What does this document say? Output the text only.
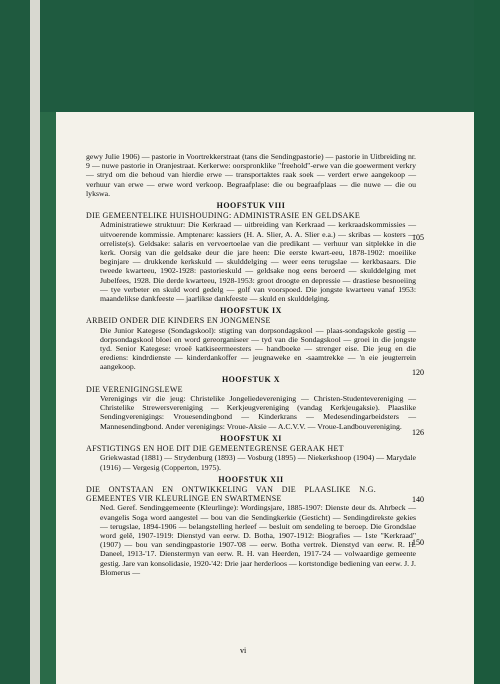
gewy Julie 1906) — pastorie in Voortrekkerstraat (tans die Sendingpastorie) — pastorie in Uitbreiding nr. 9 — nuwe pastorie in Oranjestraat. Kerkerwe: oorspronklike "freehold"-erwe van die goewerment verkry — stryd om die behoud van hierdie erwe — transportaktes raak soek — verdert erwe aangekoop — verhuur van erwe — erwe word verkoop. Begraafplase: die ou begraafplaas — die nuwe — die ou lykswa.

HOOFSTUK VIII
DIE GEMEENTELIKE HUISHOUDING: ADMINISTRASIE EN GELDSAKE

Administratiewe struktuur: Die Kerkraad — uitbreiding van Kerkraad — kerkraadskommissies — uitvoerende kommissie. Amptenare: kassiers (H. A. Slier, A. A. Slier e.a.) — skribas — kosters — orreliste(s). Geldsake: salaris en vervoertoelae van die predikant — verhuur van sitplekke in die kerk. Oorsig van die geldsake deur die jare heen: Die eerste kwart-eeu, 1878-1902: moeilike beginjare — drukkende kerkskuld — skulddelging — weer eens terugslae — kerkbasaars. Die tweede kwarteeu, 1902-1928: pastorieskuld — geldsake nog eens beroerd — skulddelging met Jubelfees, 1928. Die derde kwarteeu, 1928-1953: groot droogte en depressie — drastiese besnoeiing — tye verbeter en skuld word gedelg — golf van voorspoed. Die jongste kwarteeu vanaf 1953: maandelikse dankfeeste — jaarlikse dankfeeste — skuld en skulddelging.

HOOFSTUK IX
ARBEID ONDER DIE KINDERS EN JONGMENSE

Die Junior Kategese (Sondagskool): stigting van dorpsondagskool — plaas-sondagskole gestig — dorpsondagskool bloei en word gereorganiseer — tyd van die Sondagskool — groei in die jongste tyd. Senior Kategese: vroeë katkiseermeesters — handboeke — strenger eise. Die jeug en die erediens: kindrdienste — kinderdankoffer — jeugnaweke en -saamtrekke — 'n eie jeugterrein aangekoop.

HOOFSTUK X
DIE VERENIGINGSLEWE

Verenigings vir die jeug: Christelike Jongeliedevereniging — Christen-Studentevereniging — Christelike Strewersvereniging — Kerkjeugvereniging (vandag Kerkjeugaksie). Plaaslike Sendingverenigings: Vrouesendingbond — Kinderkrans — Medesendingarbeidsters — Mannesendingbond. Ander verenigings: Vroue-Aksie — A.C.V.V. — Vroue-Landbouvereniging.

HOOFSTUK XI
AFSTIGTINGS EN HOE DIT DIE GEMEENTEGRENSE GERAAK HET

Griekwastad (1881) — Strydenburg (1893) — Vosburg (1895) — Niekerkshoop (1904) — Marydale (1916) — Vergesig (Copperton, 1975).

HOOFSTUK XII
DIE ONTSTAAN EN ONTWIKKELING VAN DIE PLAASLIKE N.G. GEMEENTES VIR KLEURLINGE EN SWARTMENSE

Ned. Geref. Sendinggemeente (Kleurlinge): Wordingsjare, 1885-1907: Dienste deur ds. Ahrbeck — evangelis Soga word aangestel — bou van die Sendingkerkie (Gesticht) — Sendingdirekste gekies — terugslae, 1894-1906 — belangstelling herleef — besluit om sendeling te beroep. Die Grondslae word gelê, 1907-1919: Dienstyd van eerw. D. Botha, 1907-1912: Biografies — 1ste "Kerkraad" (1907) — bou van sendingpastorie 1907-'08 — eerw. Botha vertrek. Dienstyd van eerw. R. H. Daneel, 1913-'17. Dienstermyn van eerw. R. H. van Heerden, 1917-'24 — volwaardige gemeente gestig. Jare van konsolidasie, 1920-'42: Drie jaar herderloos — kortstondige bediening van eerw. J. J. Blomerus —

105
120
126
140
150
vi
